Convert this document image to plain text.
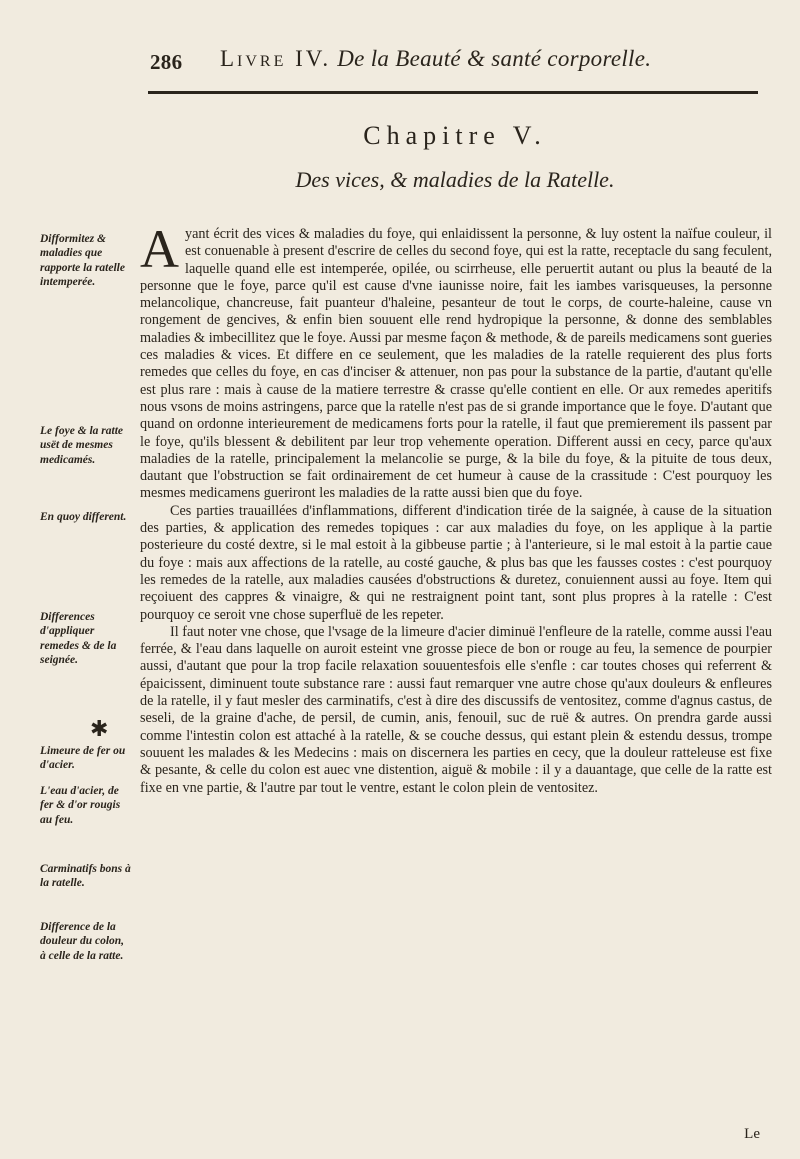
286 Livre IV. De la Beauté & santé corporelle.
Chapitre V.
Des vices, & maladies de la Ratelle.
Difformitez & maladies que rapporte la ratelle intemperée.
Le foye & la ratte usët de mesmes medicamés.
En quoy different.
Differences d'appliquer remedes & de la seignée.
✱
Limeure de fer ou d'acier.
L'eau d'acier, de fer & d'or rougis au feu.
Carminatifs bons à la ratelle.
Difference de la douleur du colon, à celle de la ratte.

Ayant écrit des vices & maladies du foye, qui enlaidissent la personne, & luy ostent la naïfue couleur, il est conuenable à present d'escrire de celles du second foye, qui est la ratte, receptacle du sang feculent, laquelle quand elle est intemperée, opilée, ou scirrheuse, elle peruertit autant ou plus la beauté de la personne que le foye, parce qu'il est cause d'vne iaunisse noire, fait les iambes varisqueuses, la personne melancolique, chancreuse, fait puanteur d'haleine, pesanteur de tout le corps, de courte-haleine, cause vn rongement de gencives, & enfin bien souuent elle rend hydropique la personne, & donne des semblables maladies & imbecillitez que le foye. Aussi par mesme façon & methode, & de pareils medicamens sont gueries ces maladies & vices. Et differe en ce seulement, que les maladies de la ratelle requierent des plus forts remedes que celles du foye, en cas d'inciser & attenuer, non pas pour la substance de la partie, d'autant qu'elle est plus rare : mais à cause de la matiere terrestre & crasse qu'elle contient en elle. Or aux remedes aperitifs nous vsons de moins astringens, parce que la ratelle n'est pas de si grande importance que le foye. D'autant que quand on ordonne interieurement de medicamens forts pour la ratelle, il faut que premierement ils passent par le foye, qu'ils blessent & debilitent par leur trop vehemente operation. Different aussi en cecy, parce qu'aux maladies de la ratelle, principalement la melancolie se purge, & la bile du foye, & la pituite de tous deux, dautant que l'obstruction se fait ordinairement de cet humeur à cause de la crassitude : C'est pourquoy les mesmes medicamens gueriront les maladies de la ratte aussi bien que du foye.

Ces parties trauaillées d'inflammations, different d'indication tirée de la saignée, à cause de la situation des parties, & application des remedes topiques : car aux maladies du foye, on les applique à la partie posterieure du costé dextre, si le mal estoit à la gibbeuse partie ; à l'anterieure, si le mal estoit à la partie caue du foye : mais aux affections de la ratelle, au costé gauche, & plus bas que les fausses costes : c'est pourquoy les remedes de la ratelle, aux maladies causées d'obstructions & duretez, conuiennent aussi au foye. Item qui reçoiuent des cappres & vinaigre, & qui ne restraignent point tant, sont plus propres à la ratelle : C'est pourquoy ce seroit vne chose superfluë de les repeter.

Il faut noter vne chose, que l'vsage de la limeure d'acier diminuë l'enfleure de la ratelle, comme aussi l'eau ferrée, & l'eau dans laquelle on auroit esteint vne grosse piece de bon or rouge au feu, la semence de pourpier aussi, d'autant que pour la trop facile relaxation souuentesfois elle s'enfle : car toutes choses qui referrent & épaicissent, diminuent toute substance rare : aussi faut remarquer vne autre chose qu'aux douleurs & enfleures de la ratelle, il y faut mesler des carminatifs, c'est à dire des discussifs de ventositez, comme d'agnus castus, de seseli, de la graine d'ache, de persil, de cumin, anis, fenouil, suc de ruë & autres. On prendra garde aussi comme l'intestin colon est attaché à la ratelle, & se couche dessus, qui estant plein & estendu dessus, trompe souuent les malades & les Medecins : mais on discernera les parties en cecy, que la douleur ratteleuse est fixe & pesante, & celle du colon est auec vne distention, aiguë & mobile : il y a dauantage, que celle de la ratte est fixe en vne partie, & l'autre par tout le ventre, estant le colon plein de ventositez.

Le
